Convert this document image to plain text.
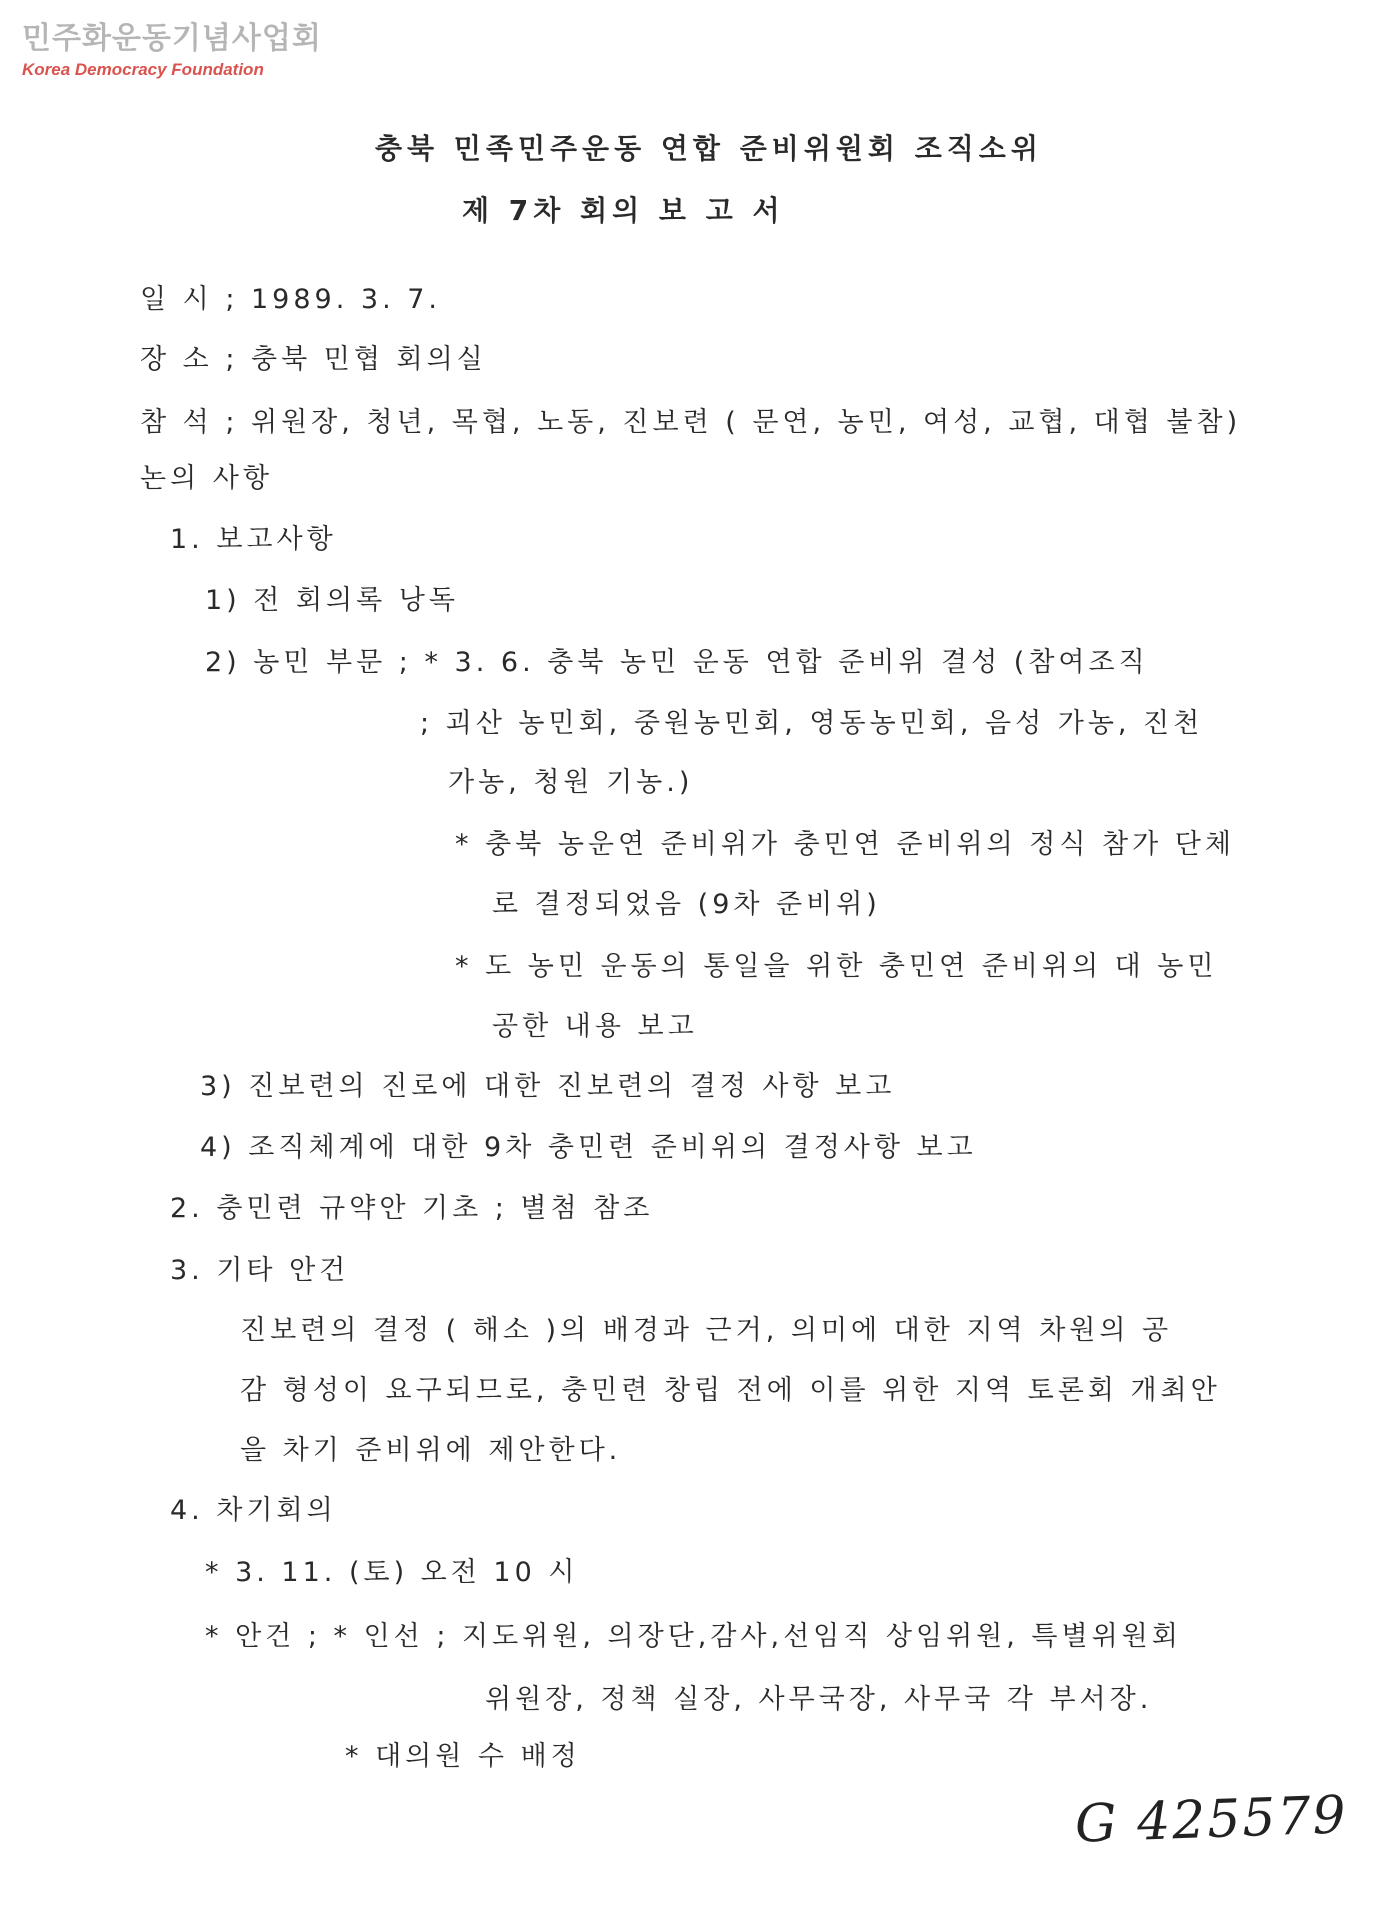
민주화운동기념사업회
Korea Democracy Foundation
충북 민족민주운동 연합 준비위원회 조직소위
제 7차 회의 보 고 서
일 시 ; 1989. 3. 7.
장 소 ; 충북 민협 회의실
참 석 ; 위원장, 청년, 목협, 노동, 진보련 ( 문연, 농민, 여성, 교협, 대협 불참)
논의 사항
1. 보고사항
1) 전 회의록 낭독
2) 농민 부문 ; * 3. 6. 충북 농민 운동 연합 준비위 결성 (참여조직
; 괴산 농민회, 중원농민회, 영동농민회, 음성 가농, 진천
가농, 청원 기농.)
* 충북 농운연 준비위가 충민연 준비위의 정식 참가 단체
로 결정되었음 (9차 준비위)
* 도 농민 운동의 통일을 위한 충민연 준비위의 대 농민
공한 내용 보고
3) 진보련의 진로에 대한 진보련의 결정 사항 보고
4) 조직체계에 대한 9차 충민련 준비위의 결정사항 보고
2. 충민련 규약안 기초 ; 별첨 참조
3. 기타 안건
진보련의 결정 ( 해소 )의 배경과 근거, 의미에 대한 지역 차원의 공
감 형성이 요구되므로, 충민련 창립 전에 이를 위한 지역 토론회 개최안
을 차기 준비위에 제안한다.
4. 차기회의
* 3. 11. (토) 오전 10 시
* 안건 ; * 인선 ; 지도위원, 의장단,감사,선임직 상임위원, 특별위원회
위원장, 정책 실장, 사무국장, 사무국 각 부서장.
* 대의원 수 배정
G 425579
